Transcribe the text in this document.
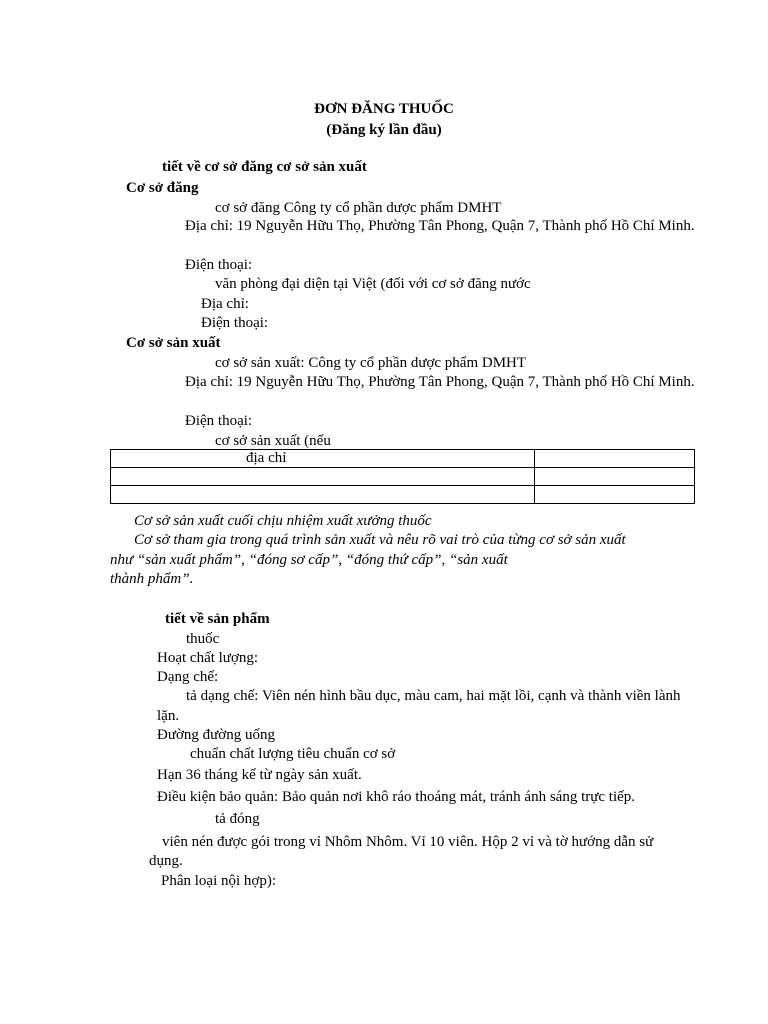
ĐƠN ĐĂNG THUỐC
(Đăng ký lần đầu)
tiết về cơ sở đăng cơ sở sản xuất
Cơ sở đăng
cơ sở đăng Công ty cổ phần dược phẩm DMHT
Địa chỉ: 19 Nguyễn Hữu Thọ, Phường Tân Phong, Quận 7, Thành phố Hồ Chí Minh.
Điện thoại:
văn phòng đại diện tại Việt (đối với cơ sở đăng nước
Địa chỉ:
Điện thoại:
Cơ sở sản xuất
cơ sở sản xuất: Công ty cổ phần dược phẩm DMHT
Địa chỉ: 19 Nguyễn Hữu Thọ, Phường Tân Phong, Quận 7, Thành phố Hồ Chí Minh.
Điện thoại:
cơ sở sản xuất (nếu
địa chỉ	

Cơ sở sản xuất cuối chịu nhiệm xuất xưởng thuốc
Cơ sở tham gia trong quá trình sản xuất và nêu rõ vai trò của từng cơ sở sản xuất
như “sản xuất phẩm”, “đóng sơ cấp”, “đóng thứ cấp”, “sản xuất
thành phẩm”.
tiết về sản phẩm
thuốc
Hoạt chất lượng:
Dạng chế:
tả dạng chế: Viên nén hình bầu dục, màu cam, hai mặt lồi, cạnh và thành viền lành
lặn.
Đường đường uống
chuẩn chất lượng tiêu chuẩn cơ sở
Hạn 36 tháng kể từ ngày sản xuất.
Điều kiện bảo quản: Bảo quản nơi khô ráo thoáng mát, tránh ánh sáng trực tiếp.
tả đóng
viên nén được gói trong vỉ Nhôm Nhôm. Vỉ 10 viên. Hộp 2 vỉ và tờ hướng dẫn sử
dụng.
Phân loại nội hợp):
